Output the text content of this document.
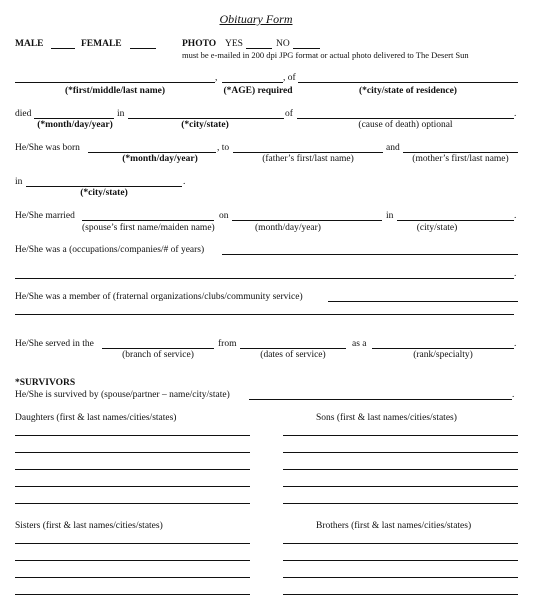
Obituary Form
MALE	FEMALE	PHOTO YES	NO
must be e-mailed in 200 dpi JPG format or actual photo delivered to The Desert Sun
,	, of
(*first/middle/last name)	(*AGE) required	(*city/state of residence)
died	in	of	.
(*month/day/year)	(*city/state)	(cause of death) optional
He/She was born	, to	and
(*month/day/year)	(father’s first/last name)	(mother’s first/last name)
in	.
(*city/state)
He/She married	on	in	.
(spouse’s first name/maiden name)	(month/day/year)	(city/state)
He/She was a (occupations/companies/# of years)
.
He/She was a member of (fraternal organizations/clubs/community service)
He/She served in the	from	as a	.
(branch of service)	(dates of service)	(rank/specialty)
*SURVIVORS
He/She is survived by (spouse/partner – name/city/state)	.
Daughters (first & last names/cities/states)	Sons (first & last names/cities/states)
Sisters (first & last names/cities/states)	Brothers (first & last names/cities/states)
